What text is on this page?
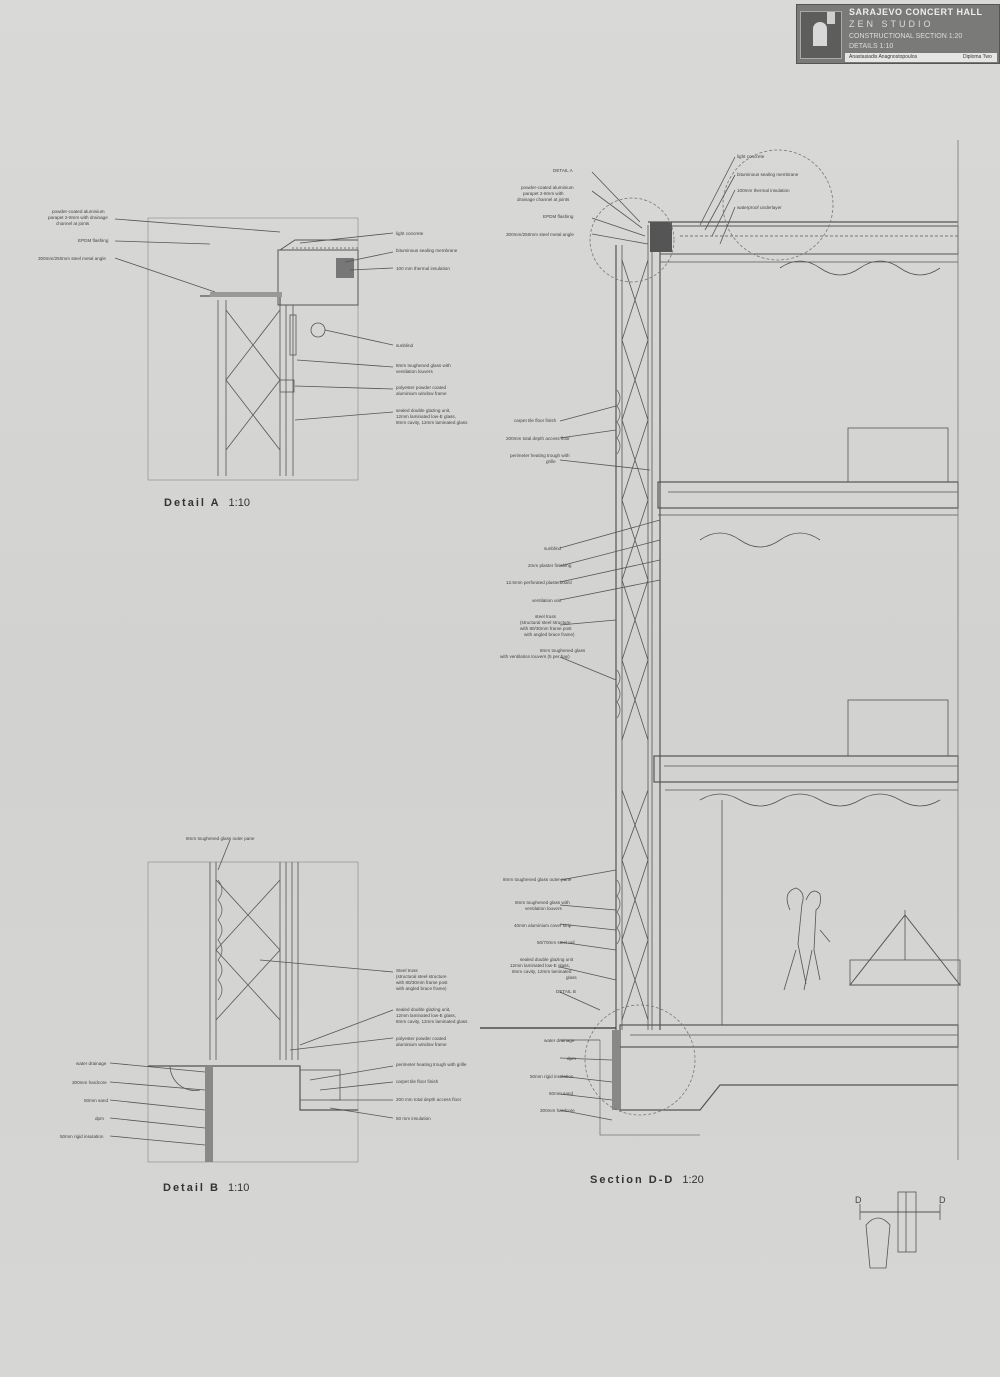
SARAJEVO CONCERT HALL
ZEN STUDIO
CONSTRUCTIONAL SECTION 1:20
DETAILS 1:10
Anastasiadis Anagnostopoulos	Diploma Two
powder-coated aluminium
parapet 2-8mm with drainage
channel at joints
EPDM flashing
300mm/250mm steel metal angle
light concrete
bituminous sealing membrane
100 mm thermal insulation
sunblind
8mm toughened glass with
ventilation louvers
polyester powder coated
aluminium window frame
sealed double glazing unit,
12mm laminated low-E glass,
8mm cavity, 12mm laminated glass
8mm toughened glass outer pane
water drainage
300mm hardcore
50mm sand
dpm
50mm rigid insulation
Steel truss
(structural steel structure
with 80/30mm frame post
with angled brace frame)
sealed double glazing unit,
12mm laminated low-E glass,
8mm cavity, 12mm laminated glass
polyester powder coated
aluminium window frame
perimeter heating trough with grille
carpet tile floor finish
200 mm total depth access floor
50 mm insulation
DETAIL A
powder-coated aluminium
parapet 2-8mm with
drainage channel at joints
EPDM flashing
300mm/250mm steel metal angle
light concrete
bituminous sealing membrane
100mm thermal insulation
waterproof underlayer
carpet tile floor finish
200mm total depth access floor
perimeter heating trough with
grille
sunblind
2mm plaster finishing
12.5mm perforated plasterboard
ventilation unit
steel truss
(structural steel structure
with 80/30mm frame post
with angled brace frame)
8mm toughened glass
with ventilation louvers (5 per bay)
8mm toughened glass outer pane
8mm toughened glass with
ventilation louvers
40mm aluminium cover strip
50/70mm steel rail
sealed double glazing unit
12mm laminated low-E glass,
8mm cavity, 12mm laminated
glass
DETAIL B
water drainage
dpm
50mm rigid insulation
50mm sand
300mm hardcore
D	D
Detail A 1:10
Detail B 1:10
Section D-D 1:20
